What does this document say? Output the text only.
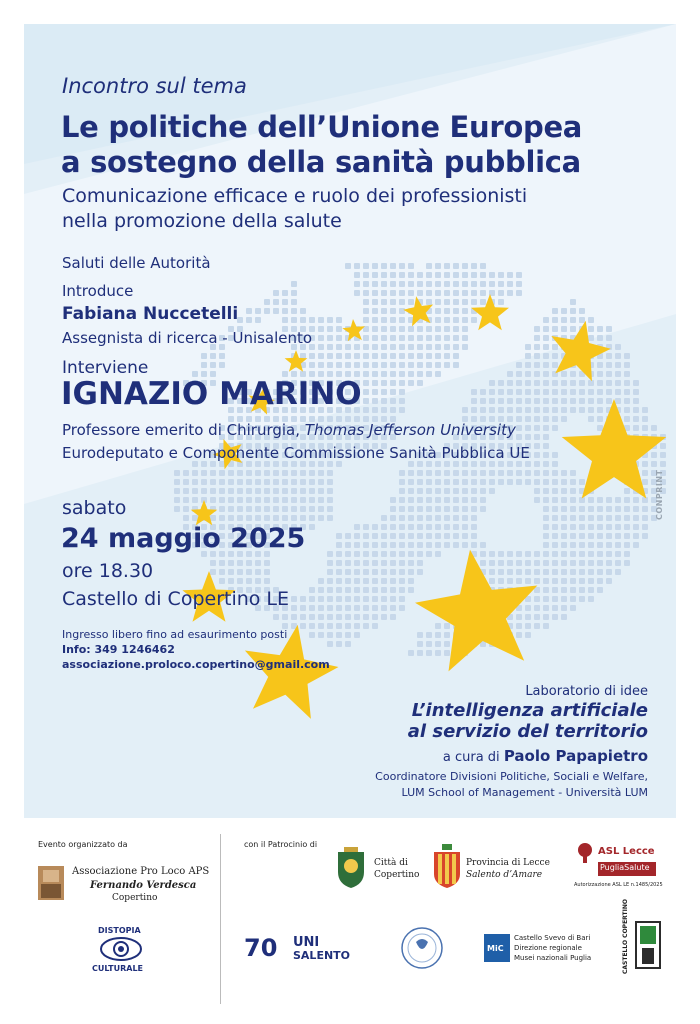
Incontro sul tema
Le politiche dell’Unione Europea
a sostegno della sanità pubblica
Comunicazione efficace e ruolo dei professionisti
nella promozione della salute
Saluti delle Autorità
Introduce
Fabiana Nuccetelli
Assegnista di ricerca - Unisalento
Interviene
IGNAZIO MARINO
Professore emerito di Chirurgia, Thomas Jefferson University
Eurodeputato e Componente Commissione Sanità Pubblica UE
sabato
24 maggio 2025
ore 18.30
Castello di Copertino LE
Ingresso libero fino ad esaurimento posti
Info: 349 1246462
associazione.proloco.copertino@gmail.com
Laboratorio di idee
L’intelligenza artificiale
al servizio del territorio
a cura di Paolo Papapietro
Coordinatore Divisioni Politiche, Sociali e Welfare,
LUM School of Management - Università LUM
CONPRINT
Evento organizzato da
Associazione Pro Loco APS
Fernando Verdesca
Copertino
DISTOPIA
CULTURALE
con il Patrocinio di
Città di
Copertino
Provincia di Lecce
Salento d’Amare
ASL Lecce
PugliaSalute
Autorizzazione ASL LE n.1485/2025
70 UNI
SALENTO
MiC
Castello Svevo di Bari
Direzione regionale
Musei nazionali Puglia	CASTELLO COPERTINO
